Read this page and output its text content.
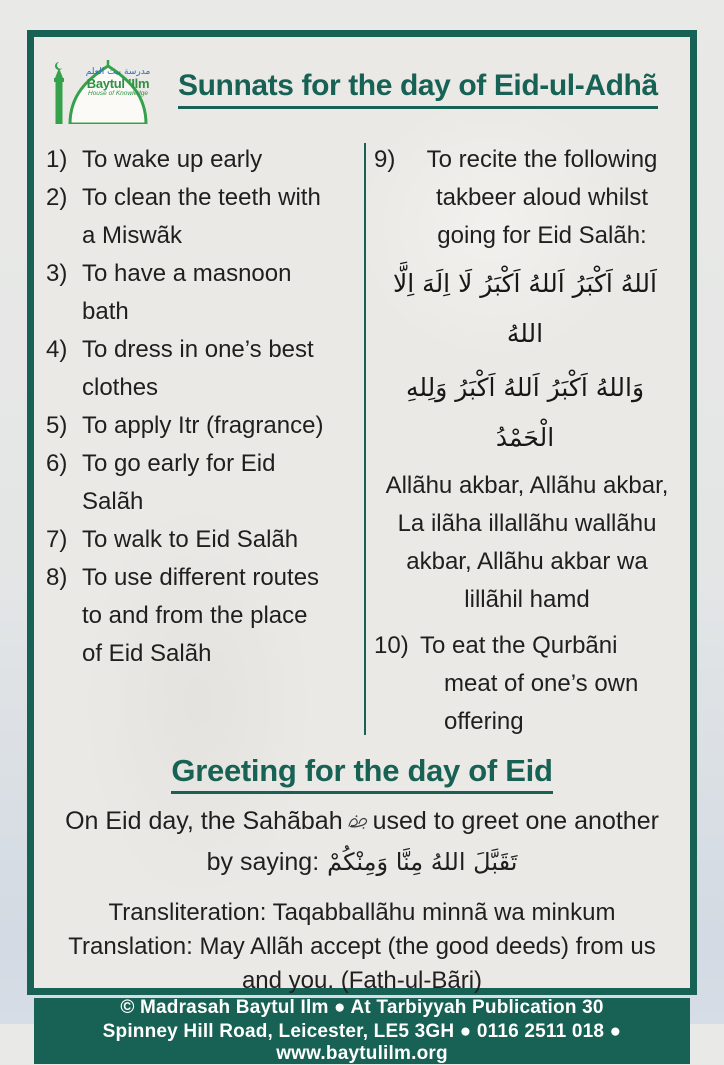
مدرسة بيت العلم
Baytul ’Ilm
House of Knowledge	Sunnats for the day of Eid-ul-Adhã
1) To wake up early
2) To clean the teeth with
a Miswãk
3) To have a masnoon
bath
4) To dress in one’s best
clothes
5) To apply Itr (fragrance)
6) To go early for Eid
Salãh
7) To walk to Eid Salãh
8) To use different routes
to and from the place
of Eid Salãh
9)	To recite the following
takbeer aloud whilst
going for Eid Salãh:
اَللهُ اَكْبَرُ اَللهُ اَكْبَرُ لَا اِلَهَ اِلَّا اللهُ
وَاللهُ اَكْبَرُ اَللهُ اَكْبَرُ وَلِلهِ الْحَمْدُ
Allãhu akbar, Allãhu akbar, La ilãha illallãhu wallãhu akbar, Allãhu akbar wa lillãhil hamd
10) To eat the Qurbãni
meat of one’s own
offering
Greeting for the day of Eid
On Eid day, the Sahãbah used to greet one another
by saying: تَقَبَّلَ اللهُ مِنَّا وَمِنْكُمْ
Transliteration: Taqabballãhu minnã wa minkum
Translation: May Allãh accept (the good deeds) from us and you. (Fath-ul-Bãri)
© Madrasah Baytul Ilm ● At Tarbiyyah Publication 30
Spinney Hill Road, Leicester, LE5 3GH ● 0116 2511 018 ● www.baytulilm.org
